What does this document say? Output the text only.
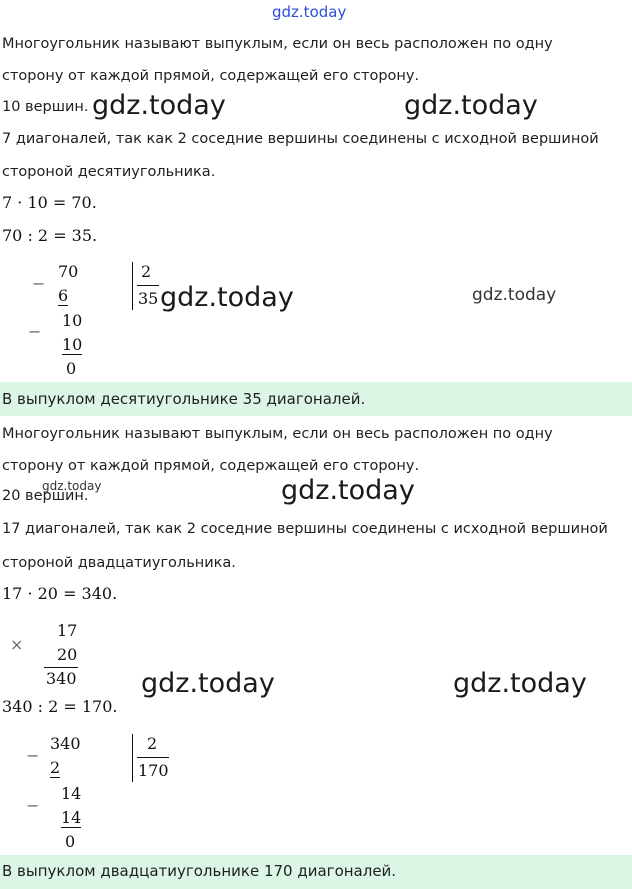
gdz.today
Многоугольник называют выпуклым, если он весь расположен по одну
сторону от каждой прямой, содержащей его сторону.
10 вершин. gdz.today	gdz.today
7 диагоналей, так как 2 соседние вершины соединены с исходной вершиной
стороной десятиугольника.
7 · 10 = 70.
70 : 2 = 35.
−
70
6
−
10
10
0
2
35 gdz.today	gdz.today
В выпуклом десятиугольнике 35 диагоналей.
Многоугольник называют выпуклым, если он весь расположен по одну
сторону от каждой прямой, содержащей его сторону.
20 вершин.
gdz.today	gdz.today
17 диагоналей, так как 2 соседние вершины соединены с исходной вершиной
стороной двадцатиугольника.
17 · 20 = 340.
×
17
20
340 gdz.today	gdz.today
340 : 2 = 170.
−
340
2
−
14
14
0
2
170
В выпуклом двадцатиугольнике 170 диагоналей.
